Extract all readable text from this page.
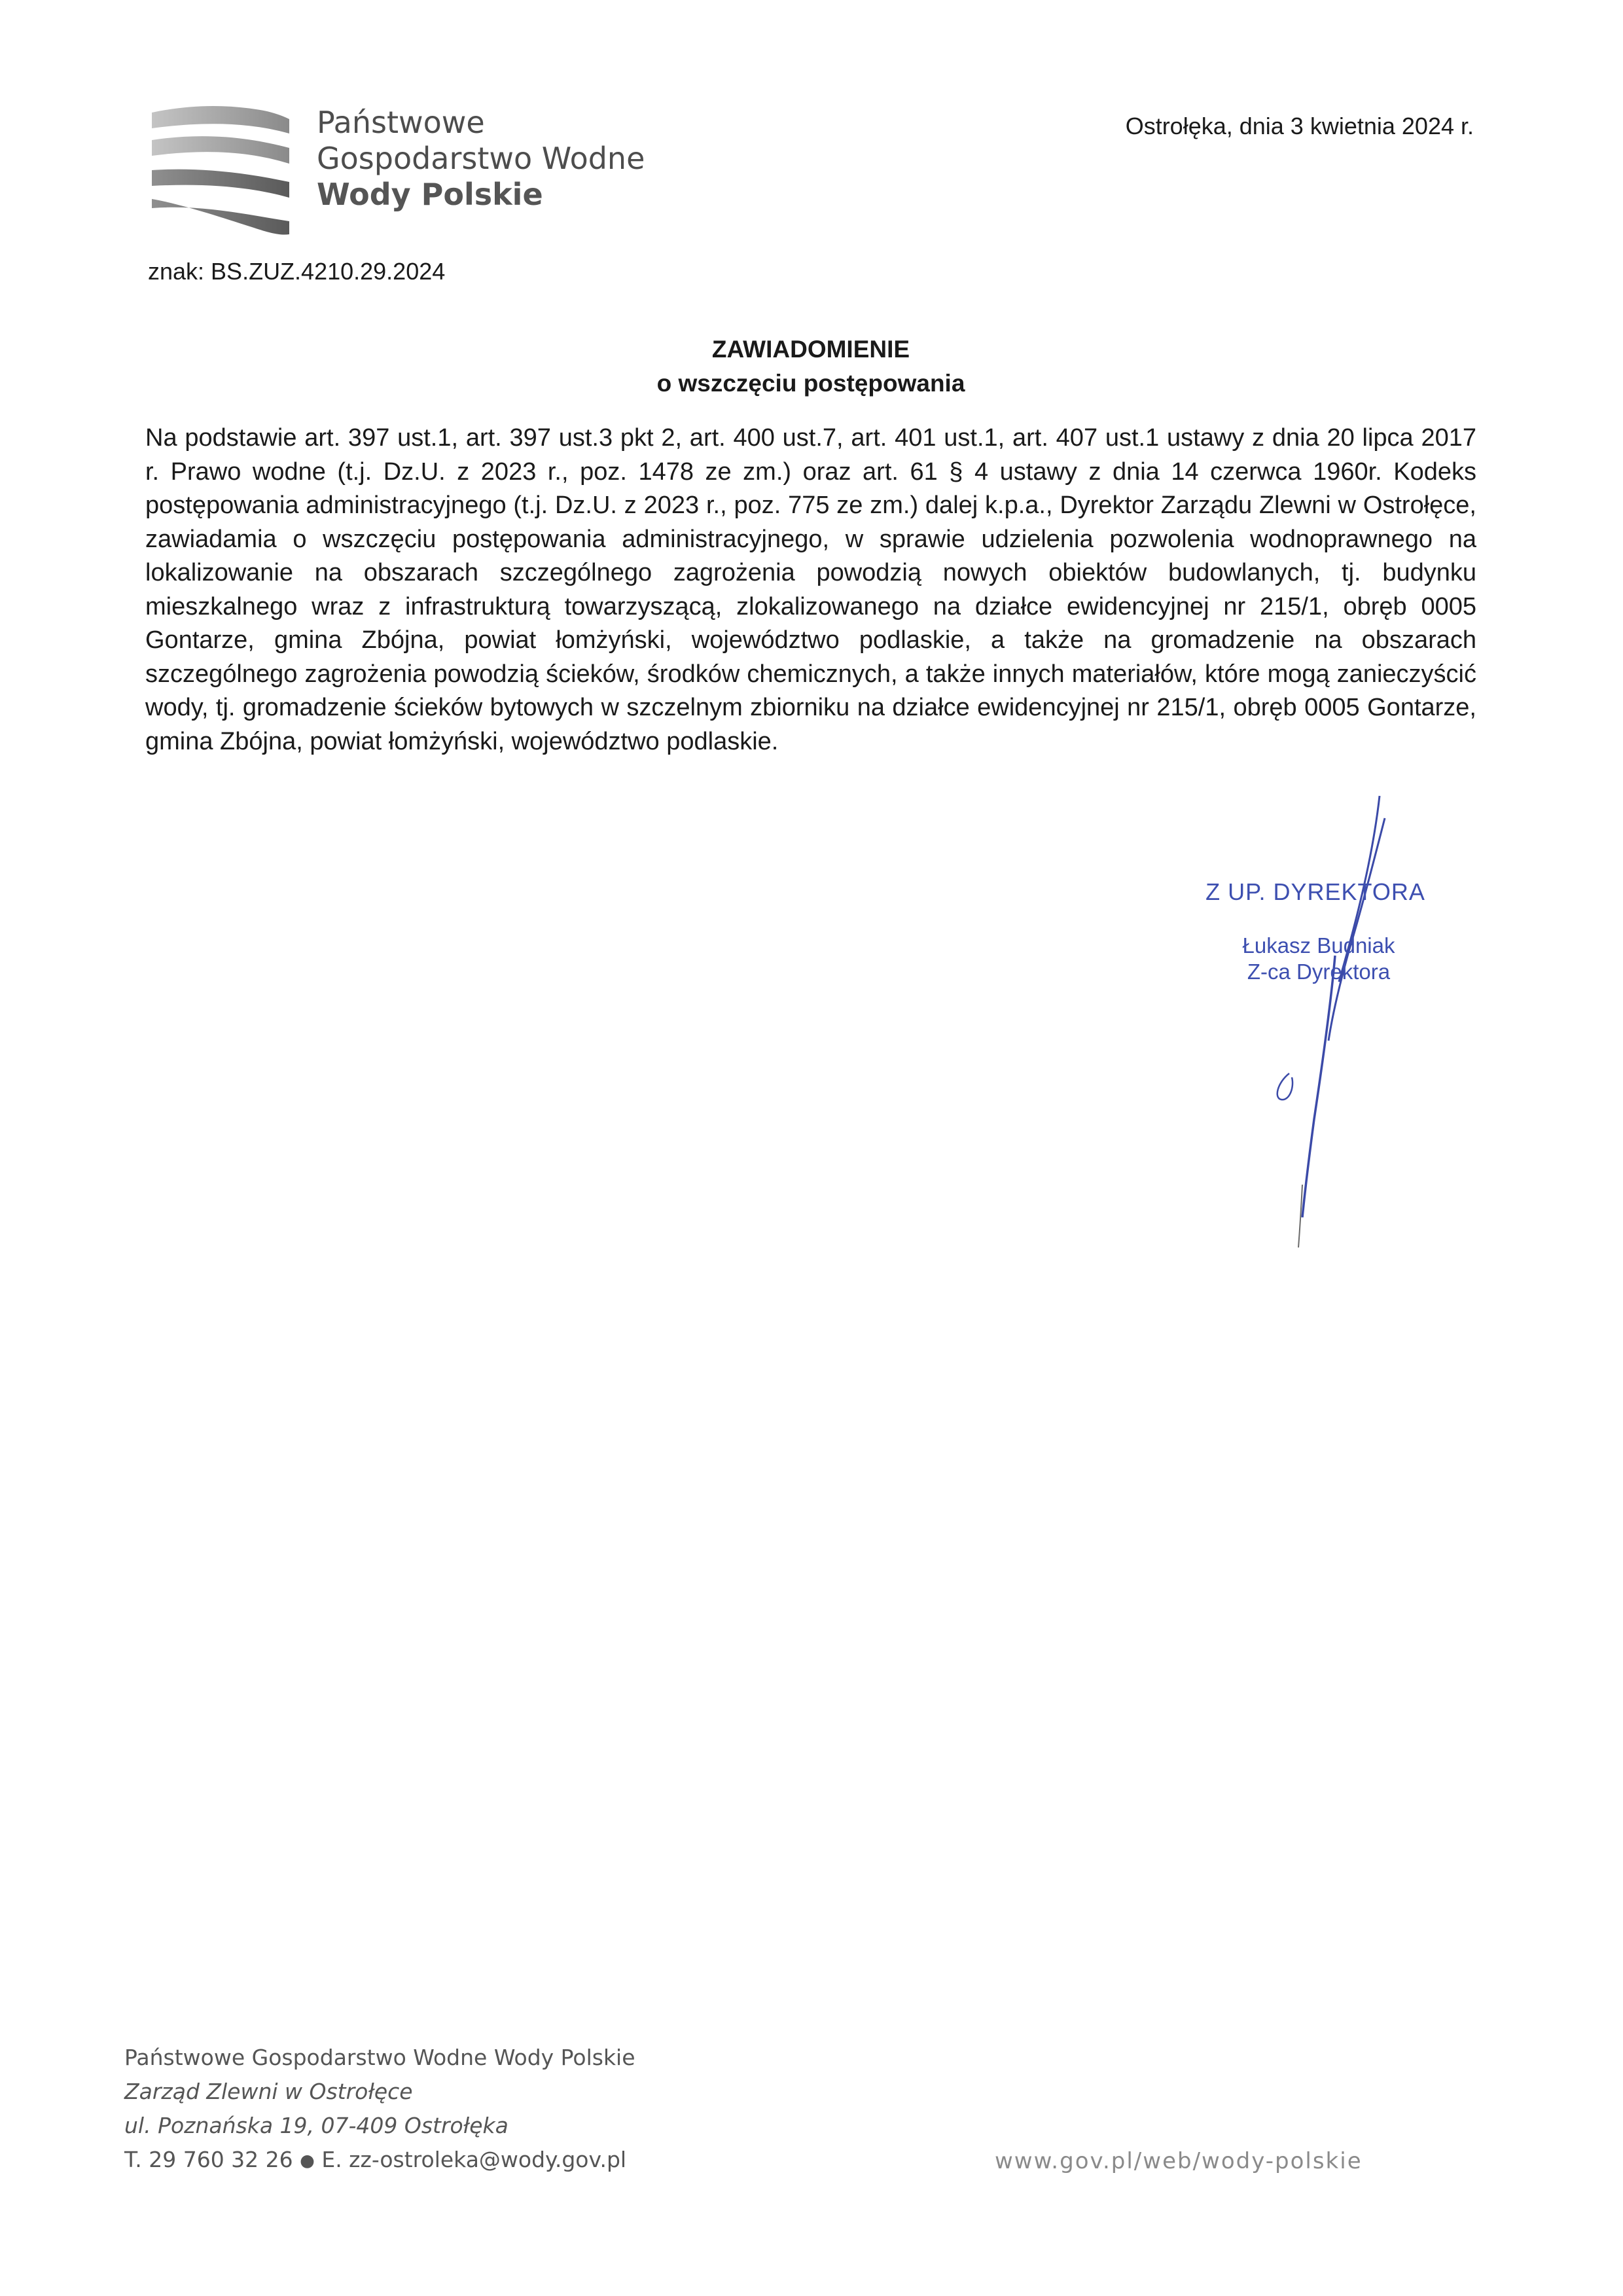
Państwowe
Gospodarstwo Wodne
Wody Polskie
Ostrołęka, dnia 3 kwietnia 2024 r.
znak: BS.ZUZ.4210.29.2024
ZAWIADOMIENIE
o wszczęciu postępowania
Na podstawie art. 397 ust.1, art. 397 ust.3 pkt 2, art. 400 ust.7, art. 401 ust.1, art. 407 ust.1 ustawy z dnia 20 lipca 2017 r. Prawo wodne (t.j. Dz.U. z 2023 r., poz. 1478 ze zm.) oraz art. 61 § 4 ustawy z dnia 14 czerwca 1960r. Kodeks postępowania administracyjnego (t.j. Dz.U. z 2023 r., poz. 775 ze zm.) dalej k.p.a., Dyrektor Zarządu Zlewni w Ostrołęce, zawiadamia o wszczęciu postępowania administracyjnego, w sprawie udzielenia pozwolenia wodnoprawnego na lokalizowanie na obszarach szczególnego zagrożenia powodzią nowych obiektów budowlanych, tj. budynku mieszkalnego wraz z infrastrukturą towarzyszącą, zlokalizowanego na działce ewidencyjnej nr 215/1, obręb 0005 Gontarze, gmina Zbójna, powiat łomżyński, województwo podlaskie, a także na gromadzenie na obszarach szczególnego zagrożenia powodzią ścieków, środków chemicznych, a także innych materiałów, które mogą zanieczyścić wody, tj. gromadzenie ścieków bytowych w szczelnym zbiorniku na działce ewidencyjnej nr 215/1, obręb 0005 Gontarze, gmina Zbójna, powiat łomżyński, województwo podlaskie.
Z UP. DYREKTORA
Łukasz Budniak
Z-ca Dyrektora
Państwowe Gospodarstwo Wodne Wody Polskie
Zarząd Zlewni w Ostrołęce
ul. Poznańska 19, 07-409 Ostrołęka
T. 29 760 32 26 ● E. zz-ostroleka@wody.gov.pl	www.gov.pl/web/wody-polskie
